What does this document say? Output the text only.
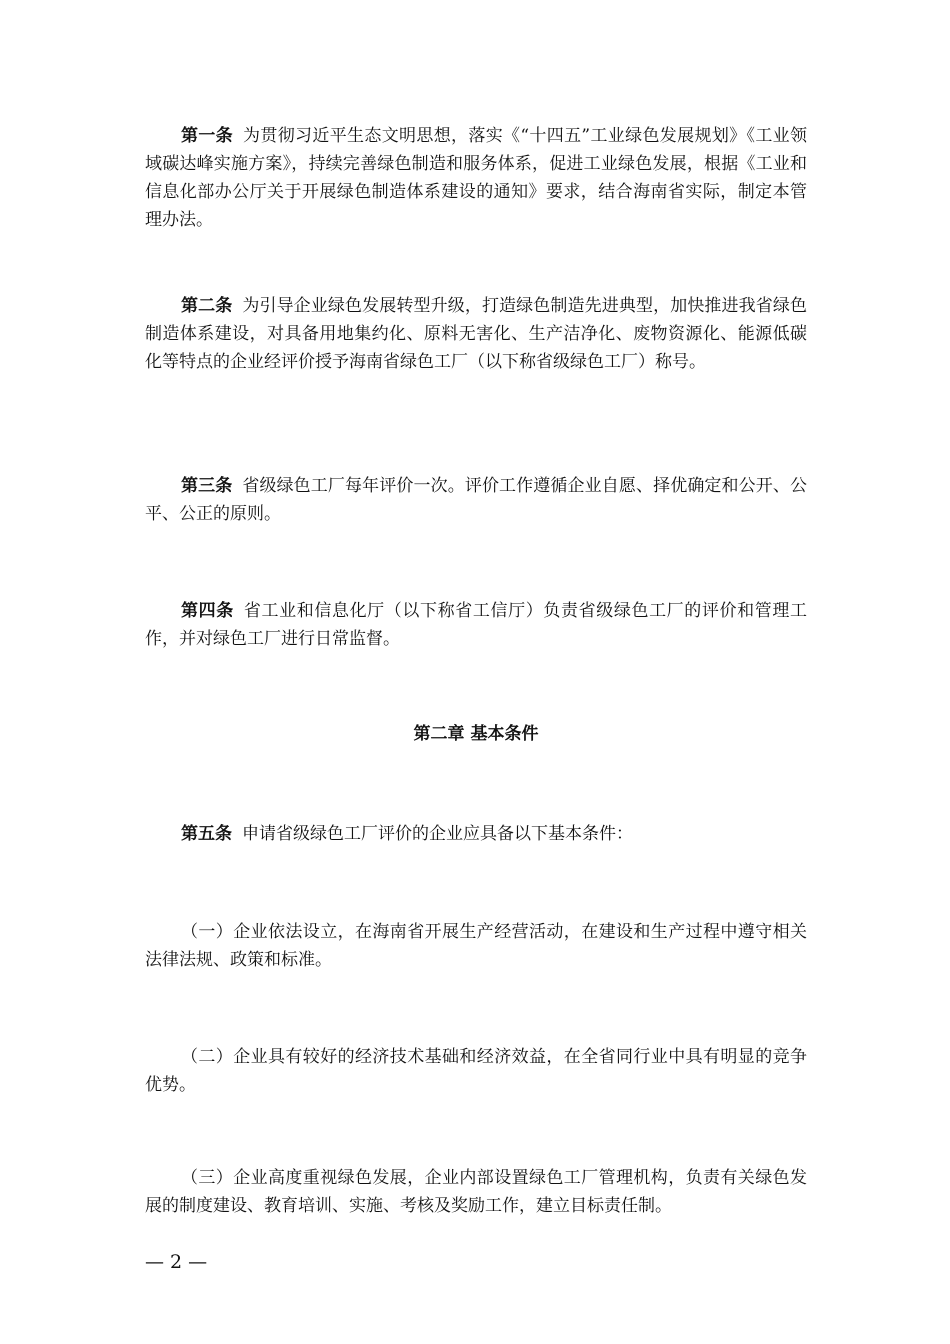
第一条 为贯彻习近平生态文明思想，落实《“十四五”工业绿色发展规划》《工业领域碳达峰实施方案》，持续完善绿色制造和服务体系，促进工业绿色发展，根据《工业和信息化部办公厅关于开展绿色制造体系建设的通知》要求，结合海南省实际，制定本管理办法。

第二条 为引导企业绿色发展转型升级，打造绿色制造先进典型，加快推进我省绿色制造体系建设，对具备用地集约化、原料无害化、生产洁净化、废物资源化、能源低碳化等特点的企业经评价授予海南省绿色工厂（以下称省级绿色工厂）称号。

第三条 省级绿色工厂每年评价一次。评价工作遵循企业自愿、择优确定和公开、公平、公正的原则。

第四条 省工业和信息化厅（以下称省工信厅）负责省级绿色工厂的评价和管理工作，并对绿色工厂进行日常监督。

第二章 基本条件

第五条 申请省级绿色工厂评价的企业应具备以下基本条件：

（一）企业依法设立，在海南省开展生产经营活动，在建设和生产过程中遵守相关法律法规、政策和标准。

（二）企业具有较好的经济技术基础和经济效益，在全省同行业中具有明显的竞争优势。

（三）企业高度重视绿色发展，企业内部设置绿色工厂管理机构，负责有关绿色发展的制度建设、教育培训、实施、考核及奖励工作，建立目标责任制。

— 2 —
